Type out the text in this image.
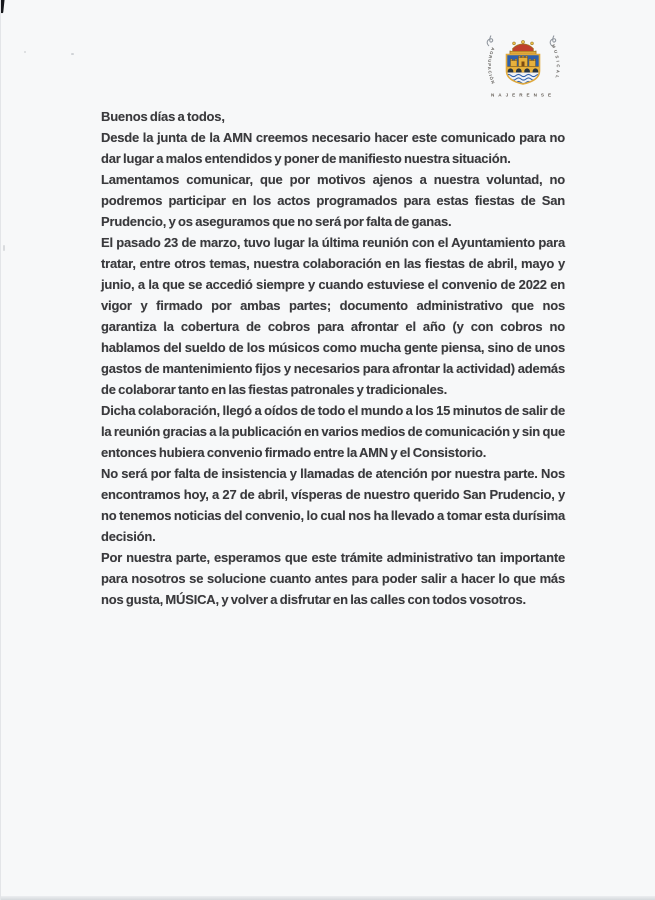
AGRUPACIÓN
MUSICAL
NAJERENSE

Buenos días a todos,

Desde la junta de la AMN creemos necesario hacer este comunicado para no dar lugar a malos entendidos y poner de manifiesto nuestra situación.

Lamentamos comunicar, que por motivos ajenos a nuestra voluntad, no podremos participar en los actos programados para estas fiestas de San Prudencio, y os aseguramos que no será por falta de ganas.

El pasado 23 de marzo, tuvo lugar la última reunión con el Ayuntamiento para tratar, entre otros temas, nuestra colaboración en las fiestas de abril, mayo y junio, a la que se accedió siempre y cuando estuviese el convenio de 2022 en vigor y firmado por ambas partes; documento administrativo que nos garantiza la cobertura de cobros para afrontar el año (y con cobros no hablamos del sueldo de los músicos como mucha gente piensa, sino de unos gastos de mantenimiento fijos y necesarios para afrontar la actividad) además de colaborar tanto en las fiestas patronales y tradicionales.

Dicha colaboración, llegó a oídos de todo el mundo a los 15 minutos de salir de la reunión gracias a la publicación en varios medios de comunicación y sin que entonces hubiera convenio firmado entre la AMN y el Consistorio.

No será por falta de insistencia y llamadas de atención por nuestra parte. Nos encontramos hoy, a 27 de abril, vísperas de nuestro querido San Prudencio, y no tenemos noticias del convenio, lo cual nos ha llevado a tomar esta durísima decisión.

Por nuestra parte, esperamos que este trámite administrativo tan importante para nosotros se solucione cuanto antes para poder salir a hacer lo que más nos gusta, MÚSICA, y volver a disfrutar en las calles con todos vosotros.
